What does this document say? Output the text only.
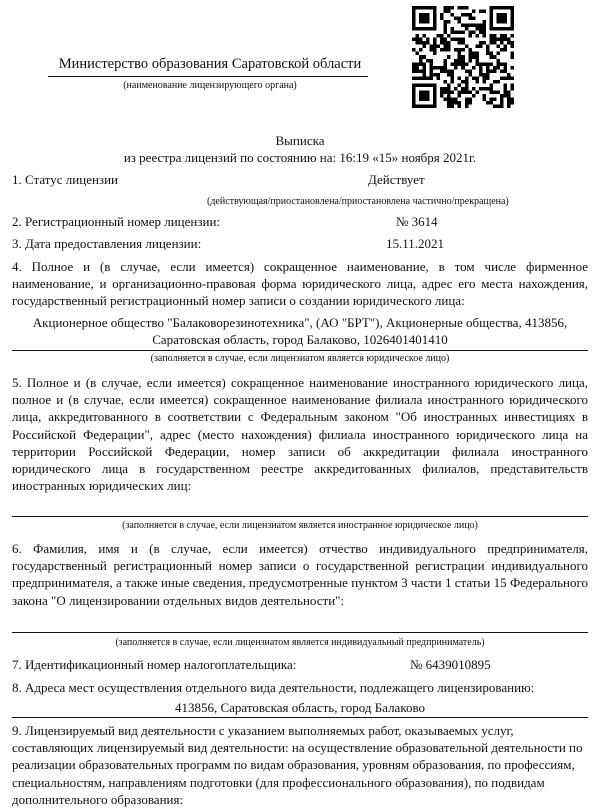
Министерство образования Саратовской области
(наименование лицензирующего органа)
Выписка
из реестра лицензий по состоянию на: 16:19 «15» ноября 2021г.
1. Статус лицензии	Действует
(действующая/приостановлена/приостановлена частично/прекращена)
2. Регистрационный номер лицензии:	№ 3614
3. Дата предоставления лицензии:	15.11.2021
4. Полное и (в случае, если имеется) сокращенное наименование, в том числе фирменное наименование, и организационно-правовая форма юридического лица, адрес его места нахождения, государственный регистрационный номер записи о создании юридического лица:
Акционерное общество "Балаковорезинотехника", (АО "БРТ"), Акционерные общества, 413856,
Саратовская область, город Балаково, 1026401401410
(заполняется в случае, если лицензиатом является юридическое лицо)
5. Полное и (в случае, если имеется) сокращенное наименование иностранного юридического лица, полное и (в случае, если имеется) сокращенное наименование филиала иностранного юридического лица, аккредитованного в соответствии с Федеральным законом "Об иностранных инвестициях в Российской Федерации", адрес (место нахождения) филиала иностранного юридического лица на территории Российской Федерации, номер записи об аккредитации филиала иностранного юридического лица в государственном реестре аккредитованных филиалов, представительств иностранных юридических лиц:
(заполняется в случае, если лицензиатом является иностранное юридическое лицо)
6. Фамилия, имя и (в случае, если имеется) отчество индивидуального предпринимателя, государственный регистрационный номер записи о государственной регистрации индивидуального предпринимателя, а также иные сведения, предусмотренные пунктом 3 части 1 статьи 15 Федерального закона "О лицензировании отдельных видов деятельности":
(заполняется в случае, если лицензиатом является индивидуальный предприниматель)
7. Идентификационный номер налогоплательщика:	№ 6439010895
8. Адреса мест осуществления отдельного вида деятельности, подлежащего лицензированию:
413856, Саратовская область, город Балаково
9. Лицензируемый вид деятельности с указанием выполняемых работ, оказываемых услуг, составляющих лицензируемый вид деятельности: на осуществление образовательной деятельности по реализации образовательных программ по видам образования, уровням образования, по профессиям, специальностям, направлениям подготовки (для профессионального образования), по подвидам дополнительного образования:
